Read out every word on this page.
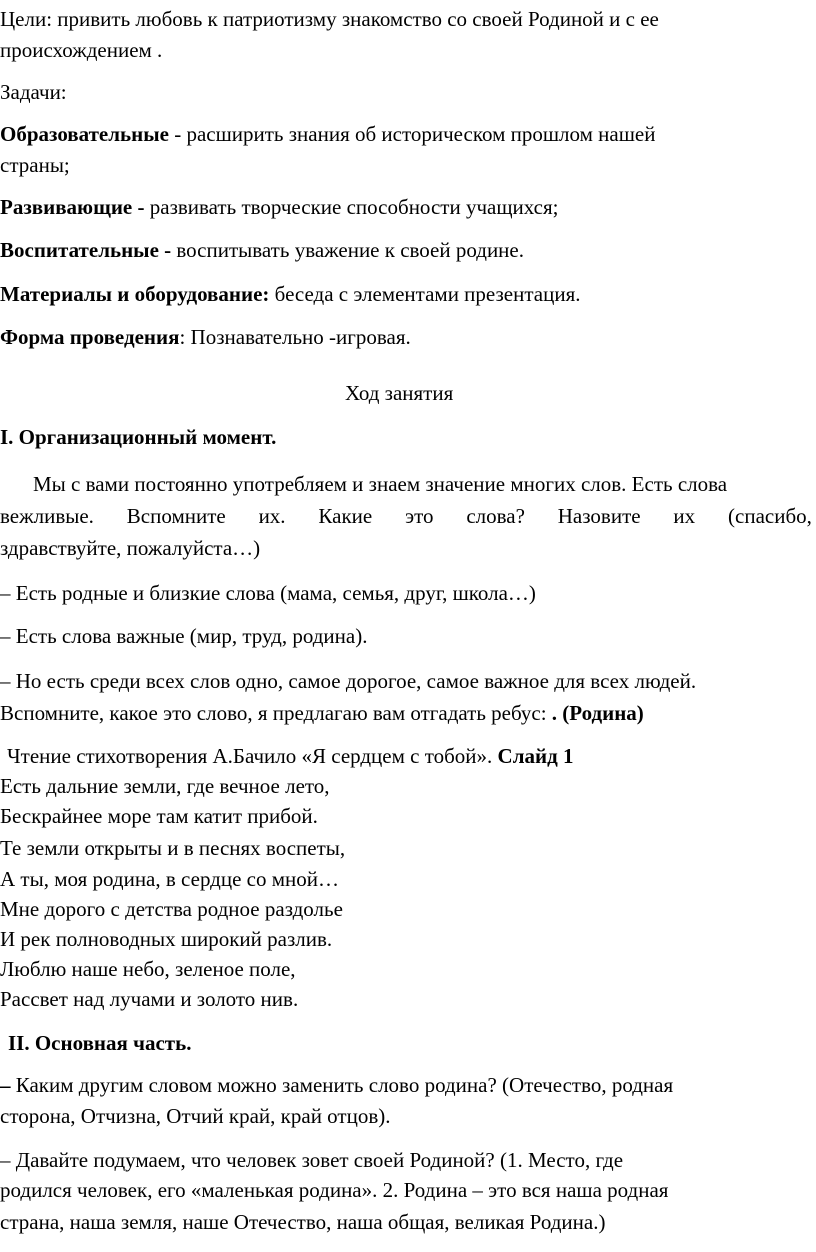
Цели: привить любовь к патриотизму знакомство со своей Родиной и с ее
происхождением .
Задачи:
Образовательные - расширить знания об историческом прошлом нашей
страны;
Развивающие - развивать творческие способности учащихся;
Воспитательные - воспитывать уважение к своей родине.
Материалы и оборудование: беседа с элементами презентация.
Форма проведения: Познавательно -игровая.
Ход занятия
I. Организационный момент.
Мы с вами постоянно употребляем и знаем значение многих слов. Есть слова
вежливые. Вспомните их. Какие это слова? Назовите их (спасибо,
здравствуйте, пожалуйста…)
– Есть родные и близкие слова (мама, семья, друг, школа…)
– Есть слова важные (мир, труд, родина).
– Но есть среди всех слов одно, самое дорогое, самое важное для всех людей.
Вспомните, какое это слово, я предлагаю вам отгадать ребус: . (Родина)
Чтение стихотворения А.Бачило «Я сердцем с тобой». Слайд 1
Есть дальние земли, где вечное лето,
Бескрайнее море там катит прибой.
Те земли открыты и в песнях воспеты,
А ты, моя родина, в сердце со мной…
Мне дорого с детства родное раздолье
И рек полноводных широкий разлив.
Люблю наше небо, зеленое поле,
Рассвет над лучами и золото нив.
II. Основная часть.
– Каким другим словом можно заменить слово родина? (Отечество, родная
сторона, Отчизна, Отчий край, край отцов).
– Давайте подумаем, что человек зовет своей Родиной? (1. Место, где
родился человек, его «маленькая родина». 2. Родина – это вся наша родная
страна, наша земля, наше Отечество, наша общая, великая Родина.)
